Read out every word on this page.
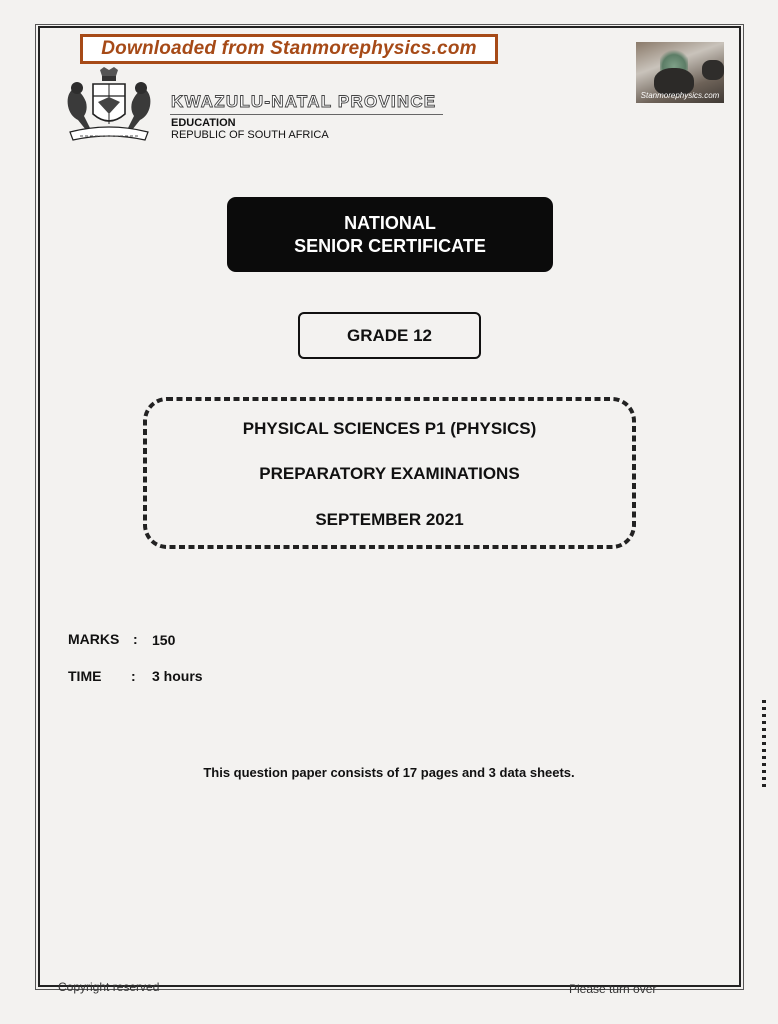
Downloaded from Stanmorephysics.com
Stanmorephysics.com
KWAZULU-NATAL PROVINCE
EDUCATION
REPUBLIC OF SOUTH AFRICA
NATIONAL
SENIOR CERTIFICATE
GRADE 12
PHYSICAL SCIENCES P1 (PHYSICS)
PREPARATORY EXAMINATIONS
SEPTEMBER 2021
MARKS : 150
TIME : 3 hours
This question paper consists of 17 pages and 3 data sheets.
Copyright reserved	Please turn over
